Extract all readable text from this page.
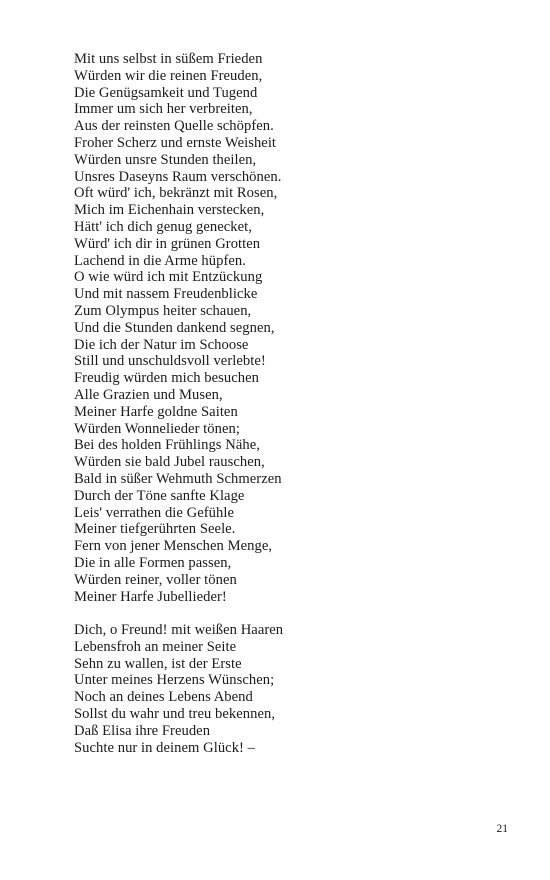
Mit uns selbst in süßem Frieden
Würden wir die reinen Freuden,
Die Genügsamkeit und Tugend
Immer um sich her verbreiten,
Aus der reinsten Quelle schöpfen.
Froher Scherz und ernste Weisheit
Würden unsre Stunden theilen,
Unsres Daseyns Raum verschönen.
Oft würd' ich, bekränzt mit Rosen,
Mich im Eichenhain verstecken,
Hätt' ich dich genug genecket,
Würd' ich dir in grünen Grotten
Lachend in die Arme hüpfen.
O wie würd ich mit Entzückung
Und mit nassem Freudenblicke
Zum Olympus heiter schauen,
Und die Stunden dankend segnen,
Die ich der Natur im Schoose
Still und unschuldsvoll verlebte!
Freudig würden mich besuchen
Alle Grazien und Musen,
Meiner Harfe goldne Saiten
Würden Wonnelieder tönen;
Bei des holden Frühlings Nähe,
Würden sie bald Jubel rauschen,
Bald in süßer Wehmuth Schmerzen
Durch der Töne sanfte Klage
Leis' verrathen die Gefühle
Meiner tiefgerührten Seele.
Fern von jener Menschen Menge,
Die in alle Formen passen,
Würden reiner, voller tönen
Meiner Harfe Jubellieder!
Dich, o Freund! mit weißen Haaren
Lebensfroh an meiner Seite
Sehn zu wallen, ist der Erste
Unter meines Herzens Wünschen;
Noch an deines Lebens Abend
Sollst du wahr und treu bekennen,
Daß Elisa ihre Freuden
Suchte nur in deinem Glück! –
21
